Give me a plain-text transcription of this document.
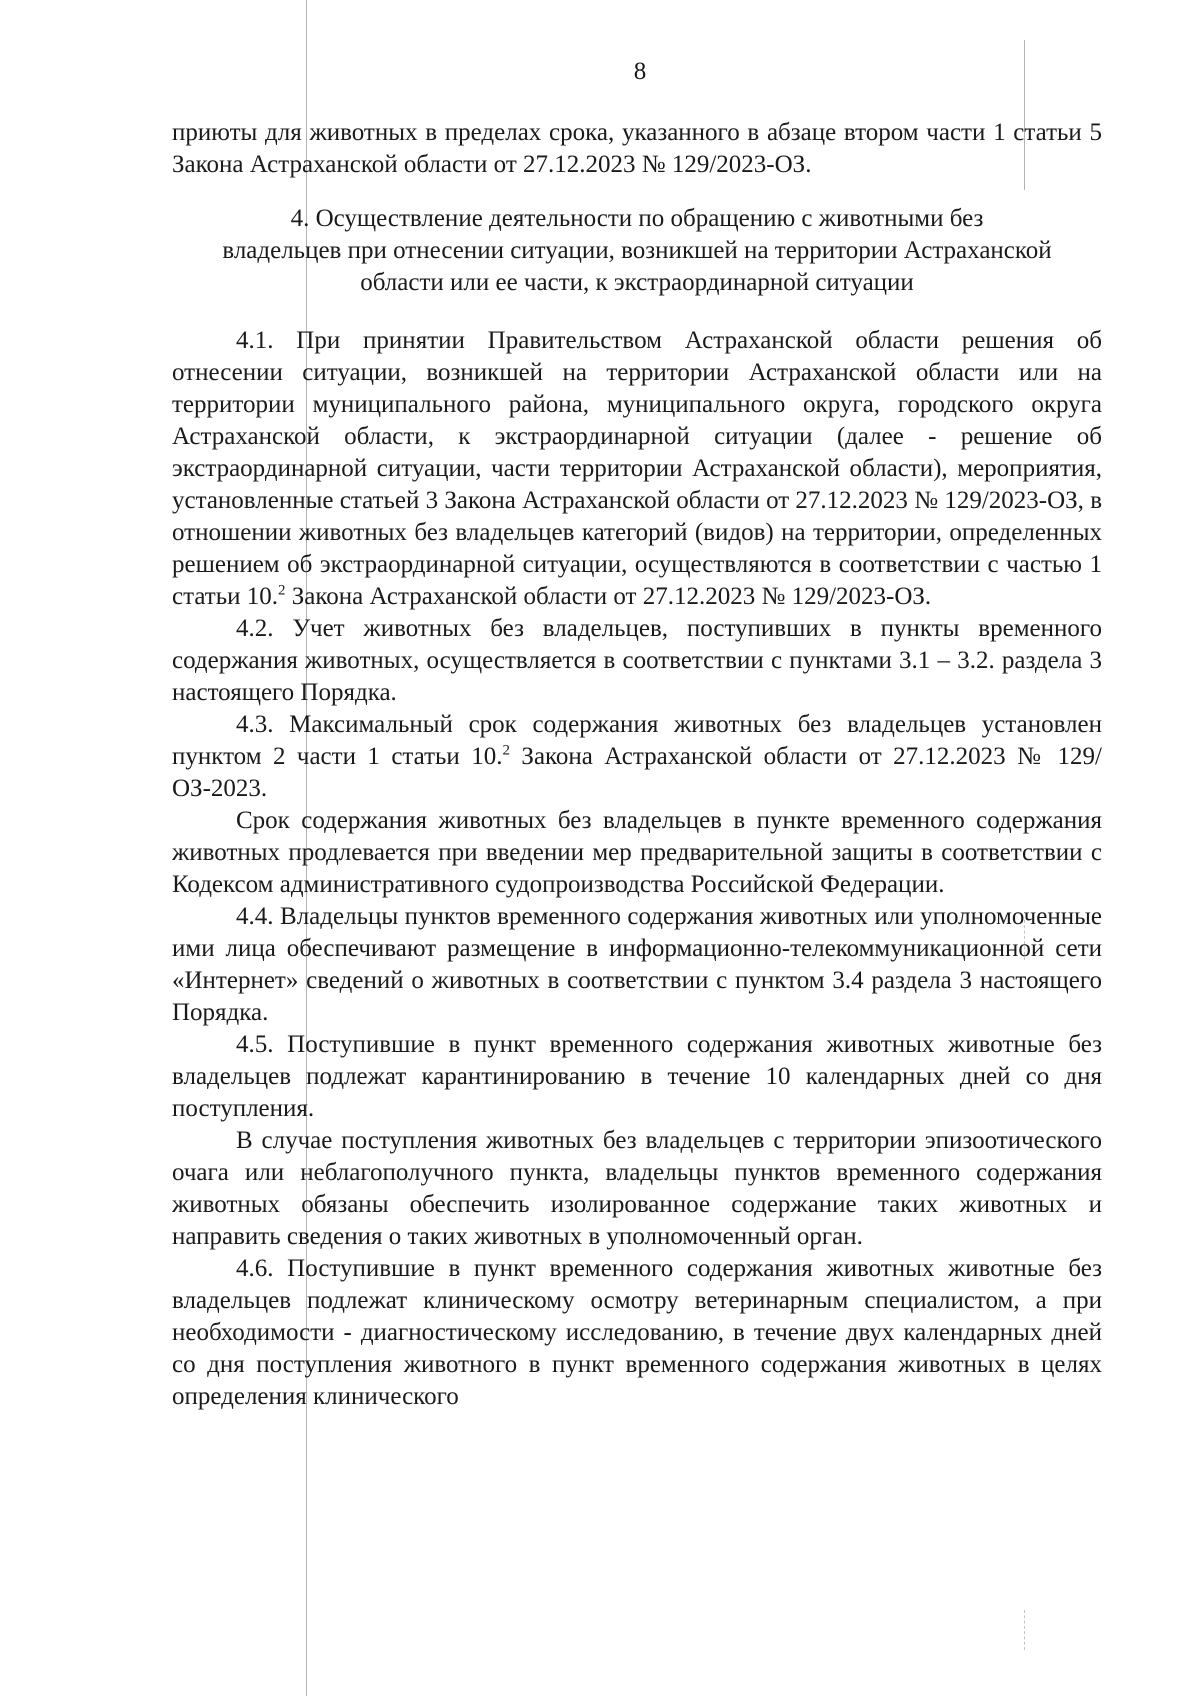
8

приюты для животных в пределах срока, указанного в абзаце втором части 1 статьи 5 Закона Астраханской области от 27.12.2023 № 129/2023-ОЗ.

4. Осуществление деятельности по обращению с животными без
владельцев при отнесении ситуации, возникшей на территории Астраханской
области или ее части, к экстраординарной ситуации

4.1. При принятии Правительством Астраханской области решения об отнесении ситуации, возникшей на территории Астраханской области или на территории муниципального района, муниципального округа, городского округа Астраханской области, к экстраординарной ситуации (далее - решение об экстраординарной ситуации, части территории Астраханской области), мероприятия, установленные статьей 3 Закона Астраханской области от 27.12.2023 № 129/2023-ОЗ, в отношении животных без владельцев категорий (видов) на территории, определенных решением об экстраординарной ситуации, осуществляются в соответствии с частью 1 статьи 10.$^2$ Закона Астраханской области от 27.12.2023 № 129/2023-ОЗ.

4.2. Учет животных без владельцев, поступивших в пункты временного содержания животных, осуществляется в соответствии с пунктами 3.1 – 3.2. раздела 3 настоящего Порядка.

4.3. Максимальный срок содержания животных без владельцев установлен пунктом 2 части 1 статьи 10.$^2$ Закона Астраханской области от 27.12.2023 № 129/ОЗ-2023.

Срок содержания животных без владельцев в пункте временного содержания животных продлевается при введении мер предварительной защиты в соответствии с Кодексом административного судопроизводства Российской Федерации.

4.4. Владельцы пунктов временного содержания животных или уполномоченные ими лица обеспечивают размещение в информационно-телекоммуникационной сети «Интернет» сведений о животных в соответствии с пунктом 3.4 раздела 3 настоящего Порядка.

4.5. Поступившие в пункт временного содержания животных животные без владельцев подлежат карантинированию в течение 10 календарных дней со дня поступления.

В случае поступления животных без владельцев с территории эпизоотического очага или неблагополучного пункта, владельцы пунктов временного содержания животных обязаны обеспечить изолированное содержание таких животных и направить сведения о таких животных в уполномоченный орган.

4.6. Поступившие в пункт временного содержания животных животные без владельцев подлежат клиническому осмотру ветеринарным специалистом, а при необходимости - диагностическому исследованию, в течение двух календарных дней со дня поступления животного в пункт временного содержания животных в целях определения клинического
